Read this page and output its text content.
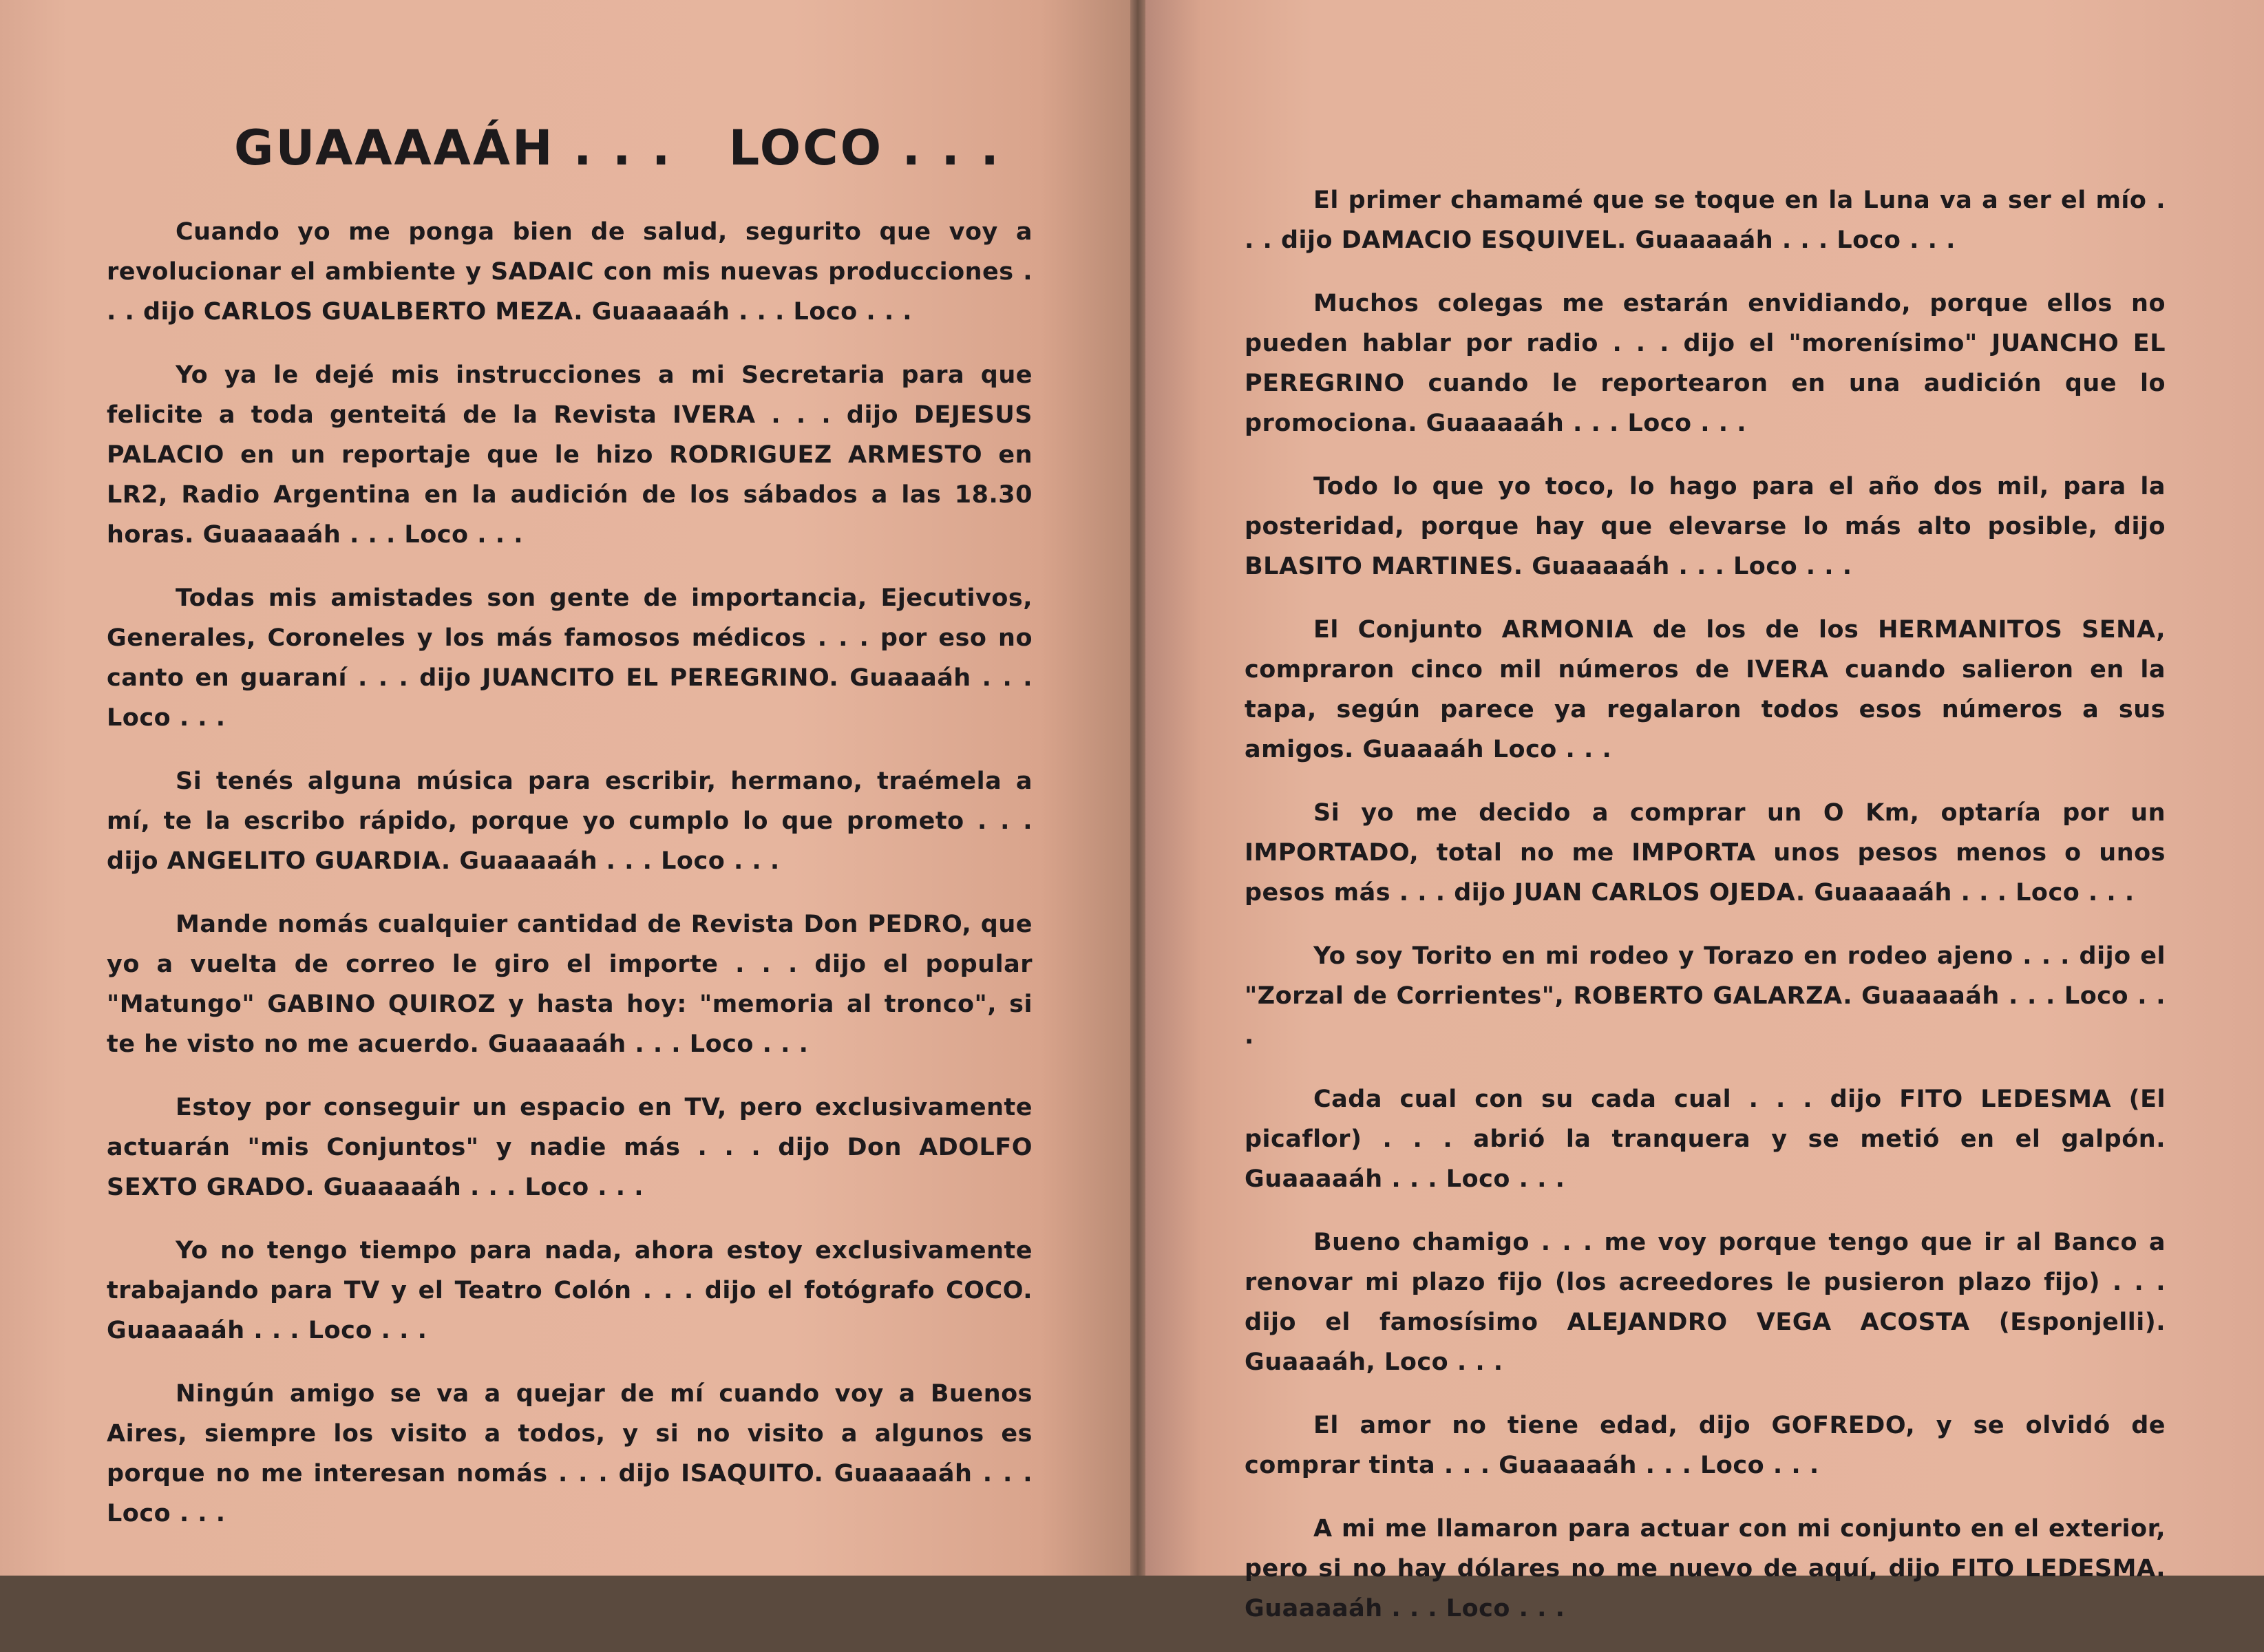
GUAAAAÁH . . .   LOCO . . .

Cuando yo me ponga bien de salud, segurito que voy a revolucionar el ambiente y SADAIC con mis nuevas producciones . . . dijo CARLOS GUALBERTO MEZA. Guaaaaáh . . . Loco . . .

Yo ya le dejé mis instrucciones a mi Secretaria para que felicite a toda genteitá de la Revista IVERA . . . dijo DEJESUS PALACIO en un reportaje que le hizo RODRIGUEZ ARMESTO en LR2, Radio Argentina en la audición de los sábados a las 18.30 horas. Guaaaaáh . . . Loco . . .

Todas mis amistades son gente de importancia, Ejecutivos, Generales, Coroneles y los más famosos médicos . . . por eso no canto en guaraní . . . dijo JUANCITO EL PEREGRINO. Guaaaáh . . . Loco . . .

Si tenés alguna música para escribir, hermano, traémela a mí, te la escribo rápido, porque yo cumplo lo que prometo . . . dijo ANGELITO GUARDIA. Guaaaaáh . . . Loco . . .

Mande nomás cualquier cantidad de Revista Don PEDRO, que yo a vuelta de correo le giro el importe . . . dijo el popular "Matungo" GABINO QUIROZ y hasta hoy: "memoria al tronco", si te he visto no me acuerdo. Guaaaaáh . . . Loco . . .

Estoy por conseguir un espacio en TV, pero exclusivamente actuarán "mis Conjuntos" y nadie más . . . dijo Don ADOLFO SEXTO GRADO. Guaaaaáh . . . Loco . . .

Yo no tengo tiempo para nada, ahora estoy exclusivamente trabajando para TV y el Teatro Colón . . . dijo el fotógrafo COCO. Guaaaaáh . . . Loco . . .

Ningún amigo se va a quejar de mí cuando voy a Buenos Aires, siempre los visito a todos, y si no visito a algunos es porque no me interesan nomás . . . dijo ISAQUITO. Guaaaaáh . . . Loco . . .

El primer chamamé que se toque en la Luna va a ser el mío . . . dijo DAMACIO ESQUIVEL. Guaaaaáh . . . Loco . . .

Muchos colegas me estarán envidiando, porque ellos no pueden hablar por radio . . . dijo el "morenísimo" JUANCHO EL PEREGRINO cuando le reportearon en una audición que lo promociona. Guaaaaáh . . . Loco . . .

Todo lo que yo toco, lo hago para el año dos mil, para la posteridad, porque hay que elevarse lo más alto posible, dijo BLASITO MARTINES. Guaaaaáh . . . Loco . . .

El Conjunto ARMONIA de los de los HERMANITOS SENA, compraron cinco mil números de IVERA cuando salieron en la tapa, según parece ya regalaron todos esos números a sus amigos. Guaaaáh Loco . . .

Si yo me decido a comprar un O Km, optaría por un IMPORTADO, total no me IMPORTA unos pesos menos o unos pesos más . . . dijo JUAN CARLOS OJEDA. Guaaaaáh . . . Loco . . .

Yo soy Torito en mi rodeo y Torazo en rodeo ajeno . . . dijo el "Zorzal de Corrientes", ROBERTO GALARZA. Guaaaaáh . . . Loco . . .

Cada cual con su cada cual . . . dijo FITO LEDESMA (El picaflor) . . . abrió la tranquera y se metió en el galpón. Guaaaaáh . . . Loco . . .

Bueno chamigo . . . me voy porque tengo que ir al Banco a renovar mi plazo fijo (los acreedores le pusieron plazo fijo) . . . dijo el famosísimo ALEJANDRO VEGA ACOSTA (Esponjelli). Guaaaáh, Loco . . .

El amor no tiene edad, dijo GOFREDO, y se olvidó de comprar tinta . . . Guaaaaáh . . . Loco . . .

A mi me llamaron para actuar con mi conjunto en el exterior, pero si no hay dólares no me nuevo de aquí, dijo FITO LEDESMA. Guaaaaáh . . . Loco . . .
